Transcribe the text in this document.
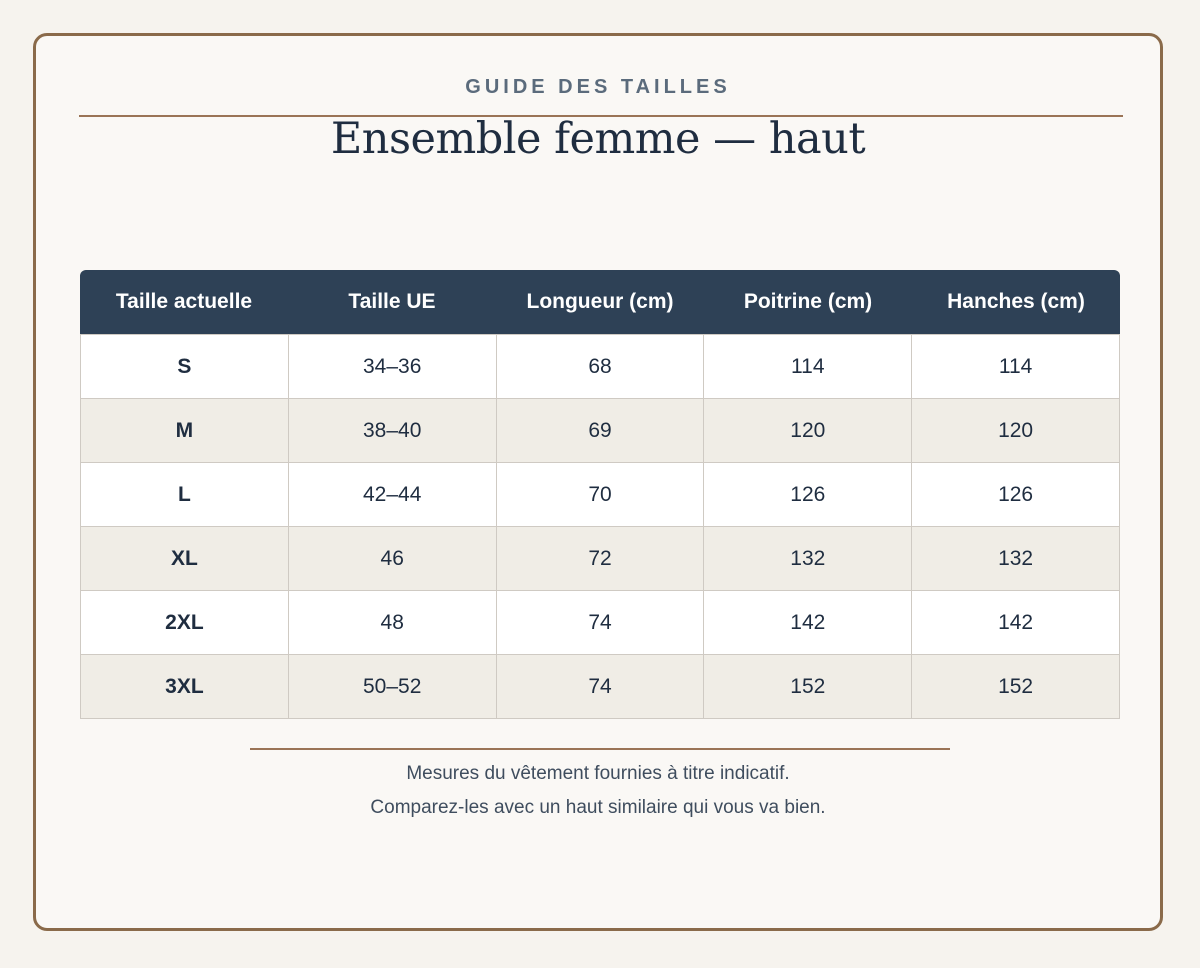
GUIDE DES TAILLES
Ensemble femme — haut
Taille actuelle	Taille UE	Longueur (cm)	Poitrine (cm)	Hanches (cm)
S	34–36	68	114	114
M	38–40	69	120	120
L	42–44	70	126	126
XL	46	72	132	132
2XL	48	74	142	142
3XL	50–52	74	152	152
Mesures du vêtement fournies à titre indicatif.
Comparez-les avec un haut similaire qui vous va bien.
